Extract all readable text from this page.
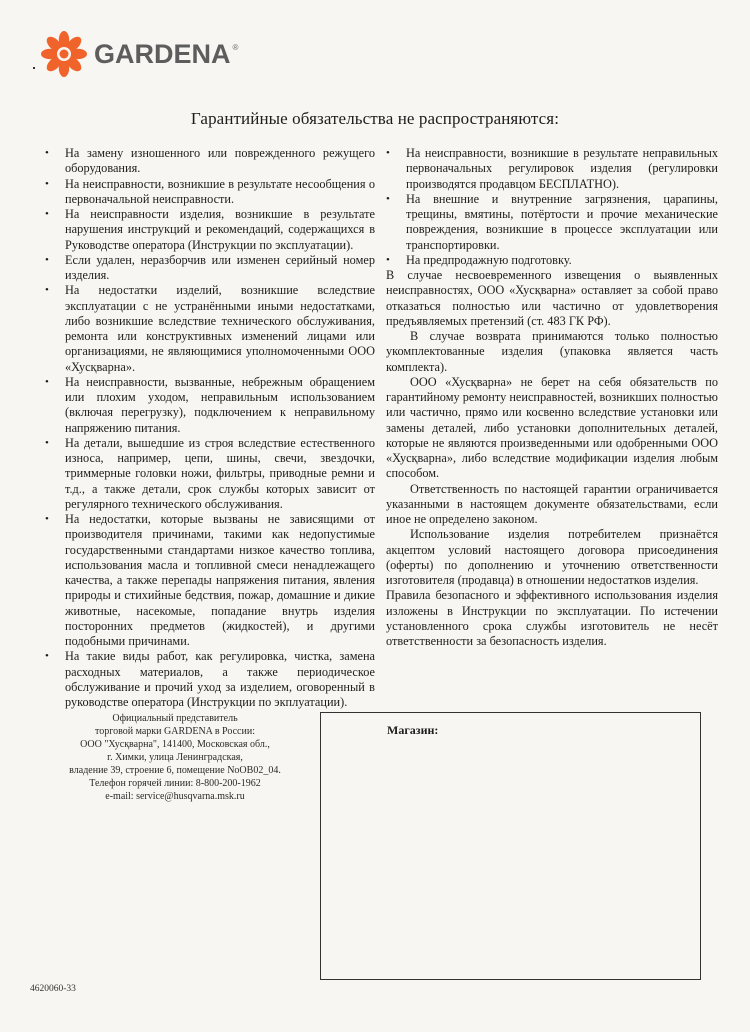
GARDENA ®
Гарантийные обязательства не распространяются:
• На замену изношенного или поврежденного режущего оборудования.
• На неисправности, возникшие в результате несообщения о первоначальной неисправности.
• На неисправности изделия, возникшие в результате нарушения инструкций и рекомендаций, содержащихся в Руководстве оператора (Инструкции по эксплуатации).
• Если удален, неразборчив или изменен серийный номер изделия.
• На недостатки изделий, возникшие вследствие эксплуатации с не устранёнными иными недостатками, либо возникшие вследствие технического обслуживания, ремонта или конструктивных изменений лицами или организациями, не являющимися уполномоченными ООО «Хусқварна».
• На неисправности, вызванные, небрежным обращением или плохим уходом, неправильным использованием (включая перегрузку), подключением к неправильному напряжению питания.
• На детали, вышедшие из строя вследствие естественного износа, например, цепи, шины, свечи, звездочки, триммерные головки ножи, фильтры, приводные ремни и т.д., а также детали, срок службы которых зависит от регулярного технического обслуживания.
• На недостатки, которые вызваны не зависящими от производителя причинами, такими как недопустимые государственными стандартами низкое качество топлива, использования масла и топливной смеси ненадлежащего качества, а также перепады напряжения питания, явления природы и стихийные бедствия, пожар, домашние и дикие животные, насекомые, попадание внутрь изделия посторонних предметов (жидкостей), и другими подобными причинами.
• На такие виды работ, как регулировка, чистка, замена расходных материалов, а также периодическое обслуживание и прочий уход за изделием, оговоренный в руководстве оператора (Инструкции по экплуатации).
• На неисправности, возникшие в результате неправильных первоначальных регулировок изделия (регулировки производятся продавцом БЕСПЛАТНО).
• На внешние и внутренние загрязнения, царапины, трещины, вмятины, потёртости и прочие механические повреждения, возникшие в процессе эксплуатации или транспортировки.
• На предпродажную подготовку.

В случае несвоевременного извещения о выявленных неисправностях, ООО «Хусқварна» оставляет за собой право отказаться полностью или частично от удовлетворения предъявляемых претензий (ст. 483 ГК РФ).

В случае возврата принимаются только полностью укомплектованные изделия (упаковка является часть комплекта).

ООО «Хусқварна» не берет на себя обязательств по гарантийному ремонту неисправностей, возникших полностью или частично, прямо или косвенно вследствие установки или замены деталей, либо установки дополнительных деталей, которые не являются произведенными или одобренными ООО «Хусқварна», либо вследствие модификации изделия любым способом.

Ответственность по настоящей гарантии ограничивается указанными в настоящем документе обязательствами, если иное не определено законом.

Использование изделия потребителем признаётся акцептом условий настоящего договора присоединения (оферты) по дополнению и уточнению ответственности изготовителя (продавца) в отношении недостатков изделия.

Правила безопасного и эффективного использования изделия изложены в Инструкции по эксплуатации. По истечении установленного срока службы изготовитель не несёт ответственности за безопасность изделия.

Официальный представитель
торговой марки GARDENA в России:
ООО "Хусқварна", 141400, Московская обл.,
г. Химки, улица Ленинградская,
владение 39, строение 6, помещение NoOB02_04.
Телефон горячей линии: 8-800-200-1962
e-mail: service@husqvarna.msk.ru
Магазин:
4620060-33
